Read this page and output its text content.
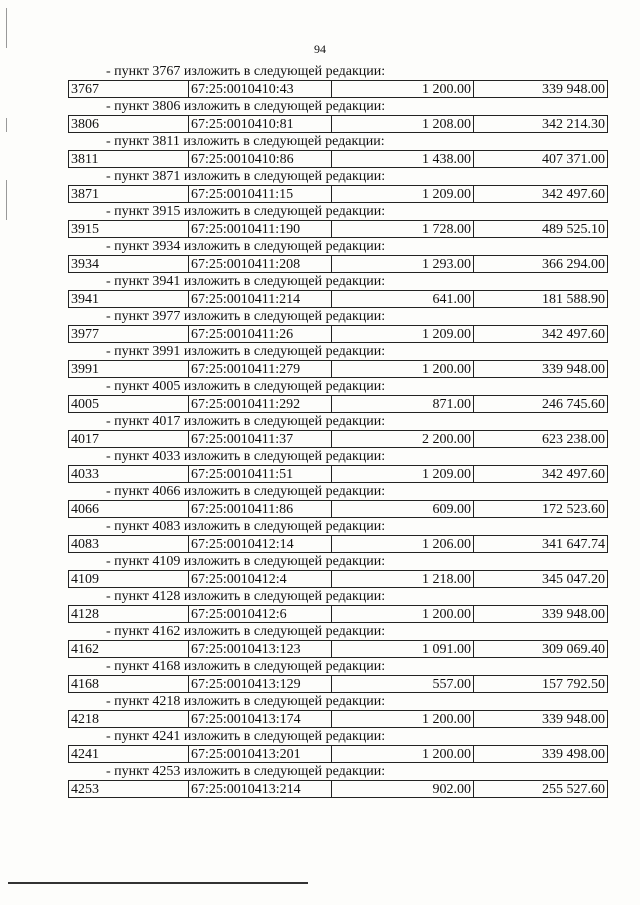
94
- пункт 3767 изложить в следующей редакции:
3767	67:25:0010410:43	1 200.00	339 948.00
- пункт 3806 изложить в следующей редакции:
3806	67:25:0010410:81	1 208.00	342 214.30
- пункт 3811 изложить в следующей редакции:
3811	67:25:0010410:86	1 438.00	407 371.00
- пункт 3871 изложить в следующей редакции:
3871	67:25:0010411:15	1 209.00	342 497.60
- пункт 3915 изложить в следующей редакции:
3915	67:25:0010411:190	1 728.00	489 525.10
- пункт 3934 изложить в следующей редакции:
3934	67:25:0010411:208	1 293.00	366 294.00
- пункт 3941 изложить в следующей редакции:
3941	67:25:0010411:214	641.00	181 588.90
- пункт 3977 изложить в следующей редакции:
3977	67:25:0010411:26	1 209.00	342 497.60
- пункт 3991 изложить в следующей редакции:
3991	67:25:0010411:279	1 200.00	339 948.00
- пункт 4005 изложить в следующей редакции:
4005	67:25:0010411:292	871.00	246 745.60
- пункт 4017 изложить в следующей редакции:
4017	67:25:0010411:37	2 200.00	623 238.00
- пункт 4033 изложить в следующей редакции:
4033	67:25:0010411:51	1 209.00	342 497.60
- пункт 4066 изложить в следующей редакции:
4066	67:25:0010411:86	609.00	172 523.60
- пункт 4083 изложить в следующей редакции:
4083	67:25:0010412:14	1 206.00	341 647.74
- пункт 4109 изложить в следующей редакции:
4109	67:25:0010412:4	1 218.00	345 047.20
- пункт 4128 изложить в следующей редакции:
4128	67:25:0010412:6	1 200.00	339 948.00
- пункт 4162 изложить в следующей редакции:
4162	67:25:0010413:123	1 091.00	309 069.40
- пункт 4168 изложить в следующей редакции:
4168	67:25:0010413:129	557.00	157 792.50
- пункт 4218 изложить в следующей редакции:
4218	67:25:0010413:174	1 200.00	339 948.00
- пункт 4241 изложить в следующей редакции:
4241	67:25:0010413:201	1 200.00	339 498.00
- пункт 4253 изложить в следующей редакции:
4253	67:25:0010413:214	902.00	255 527.60
